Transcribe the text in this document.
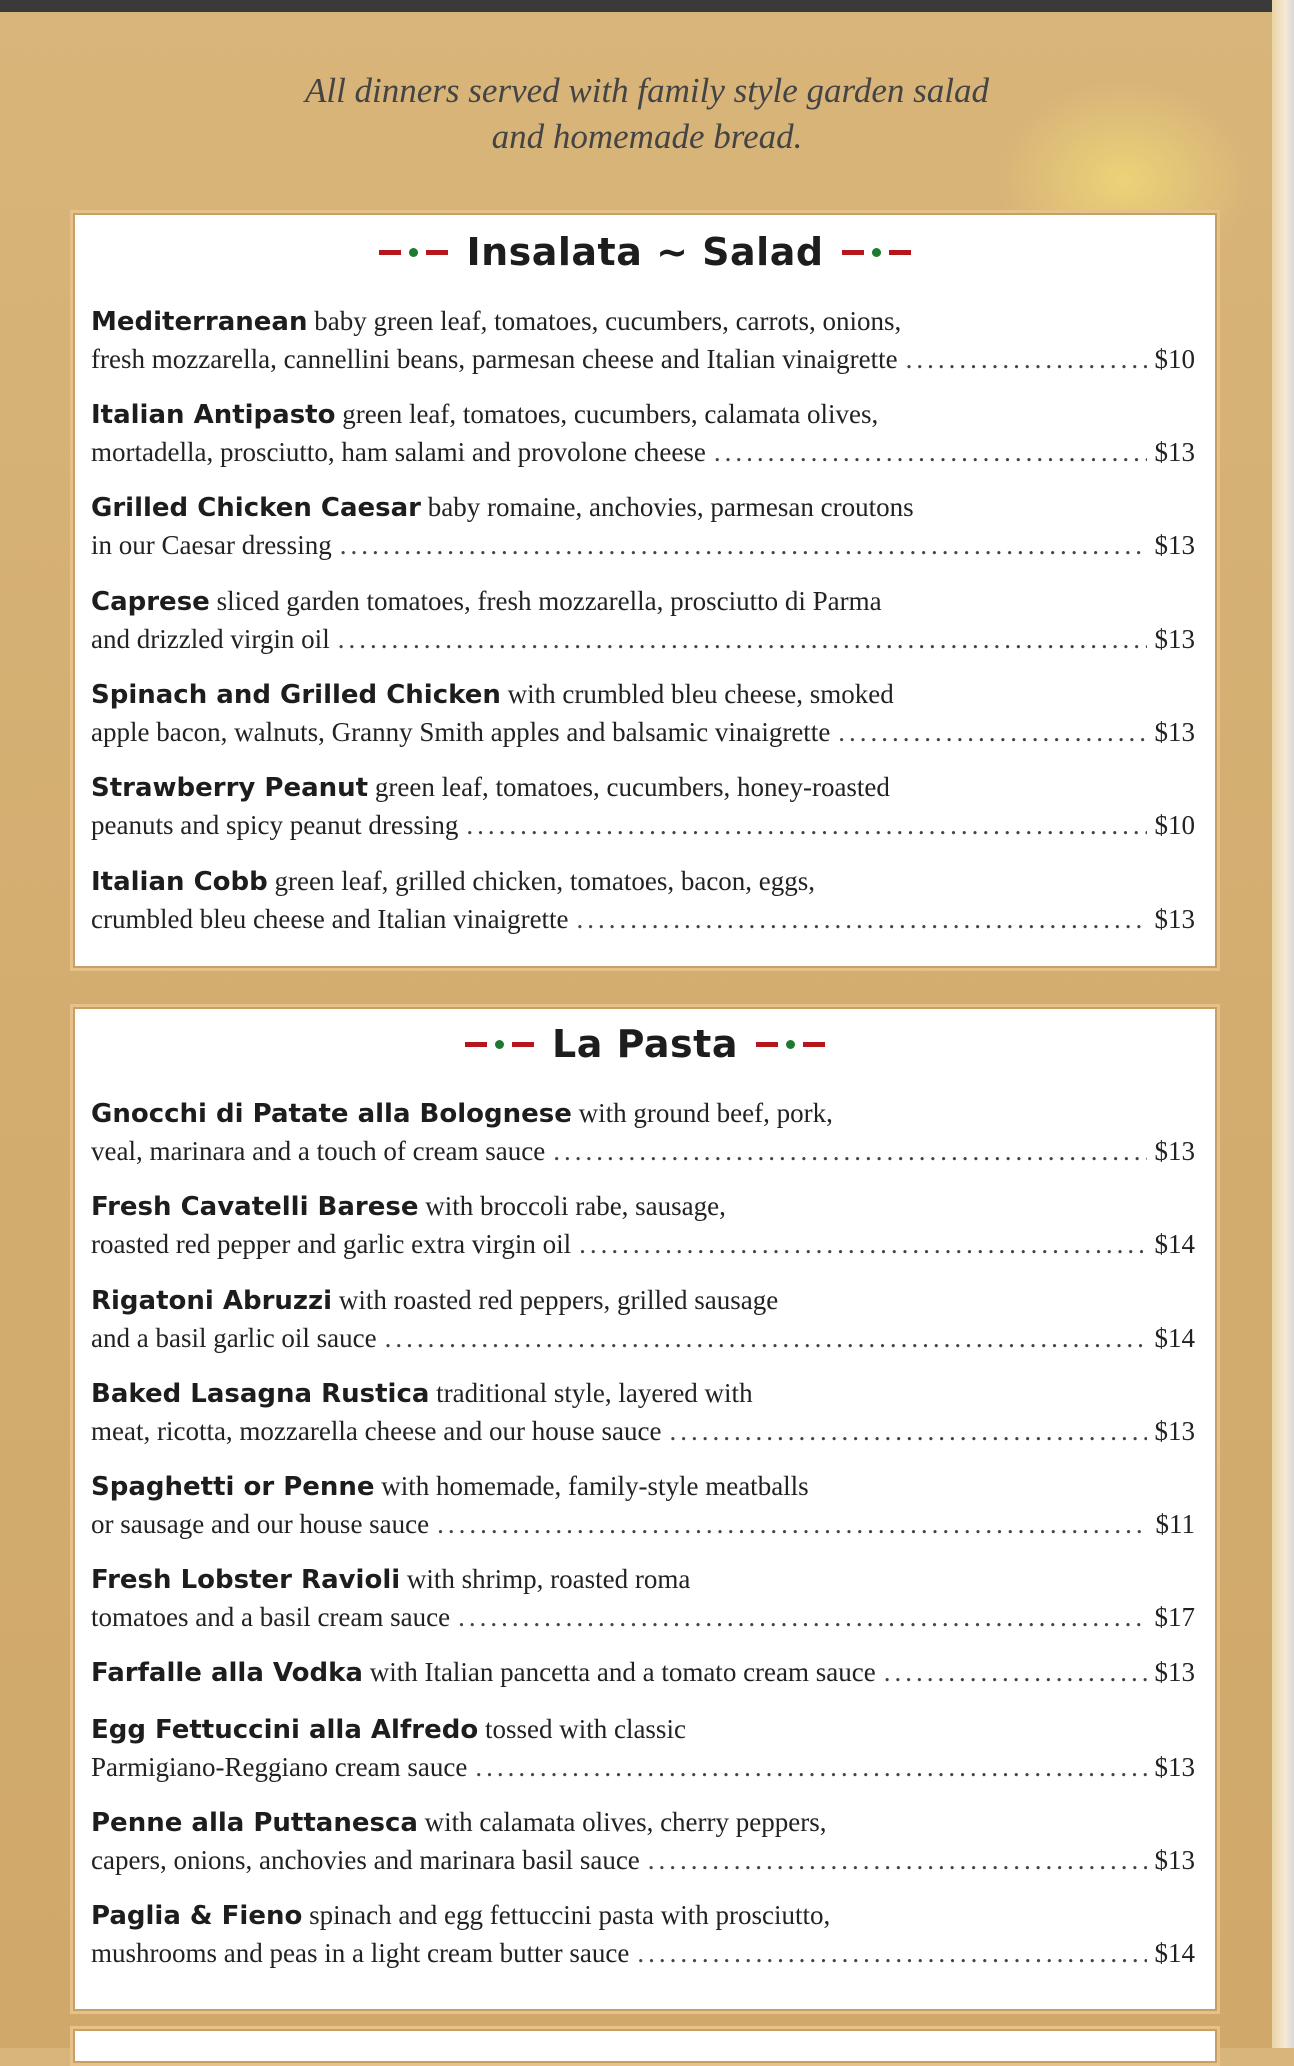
All dinners served with family style garden salad
and homemade bread.
Insalata ~ Salad
Mediterranean baby green leaf, tomatoes, cucumbers, carrots, onions,
fresh mozzarella, cannellini beans, parmesan cheese and Italian vinaigrette .....	$10
Italian Antipasto green leaf, tomatoes, cucumbers, calamata olives,
mortadella, prosciutto, ham salami and provolone cheese .....	$13
Grilled Chicken Caesar baby romaine, anchovies, parmesan croutons
in our Caesar dressing .....	$13
Caprese sliced garden tomatoes, fresh mozzarella, prosciutto di Parma
and drizzled virgin oil .....	$13
Spinach and Grilled Chicken with crumbled bleu cheese, smoked
apple bacon, walnuts, Granny Smith apples and balsamic vinaigrette .....	$13
Strawberry Peanut green leaf, tomatoes, cucumbers, honey-roasted
peanuts and spicy peanut dressing .....	$10
Italian Cobb green leaf, grilled chicken, tomatoes, bacon, eggs,
crumbled bleu cheese and Italian vinaigrette .....	$13
La Pasta
Gnocchi di Patate alla Bolognese with ground beef, pork,
veal, marinara and a touch of cream sauce .....	$13
Fresh Cavatelli Barese with broccoli rabe, sausage,
roasted red pepper and garlic extra virgin oil .....	$14
Rigatoni Abruzzi with roasted red peppers, grilled sausage
and a basil garlic oil sauce .....	$14
Baked Lasagna Rustica traditional style, layered with
meat, ricotta, mozzarella cheese and our house sauce .....	$13
Spaghetti or Penne with homemade, family-style meatballs
or sausage and our house sauce .....	$11
Fresh Lobster Ravioli with shrimp, roasted roma
tomatoes and a basil cream sauce .....	$17
Farfalle alla Vodka
with Italian pancetta and a tomato cream sauce .....	$13
Egg Fettuccini alla Alfredo tossed with classic
Parmigiano-Reggiano cream sauce .....	$13
Penne alla Puttanesca with calamata olives, cherry peppers,
capers, onions, anchovies and marinara basil sauce .....	$13
Paglia & Fieno spinach and egg fettuccini pasta with prosciutto,
mushrooms and peas in a light cream butter sauce .....	$14
